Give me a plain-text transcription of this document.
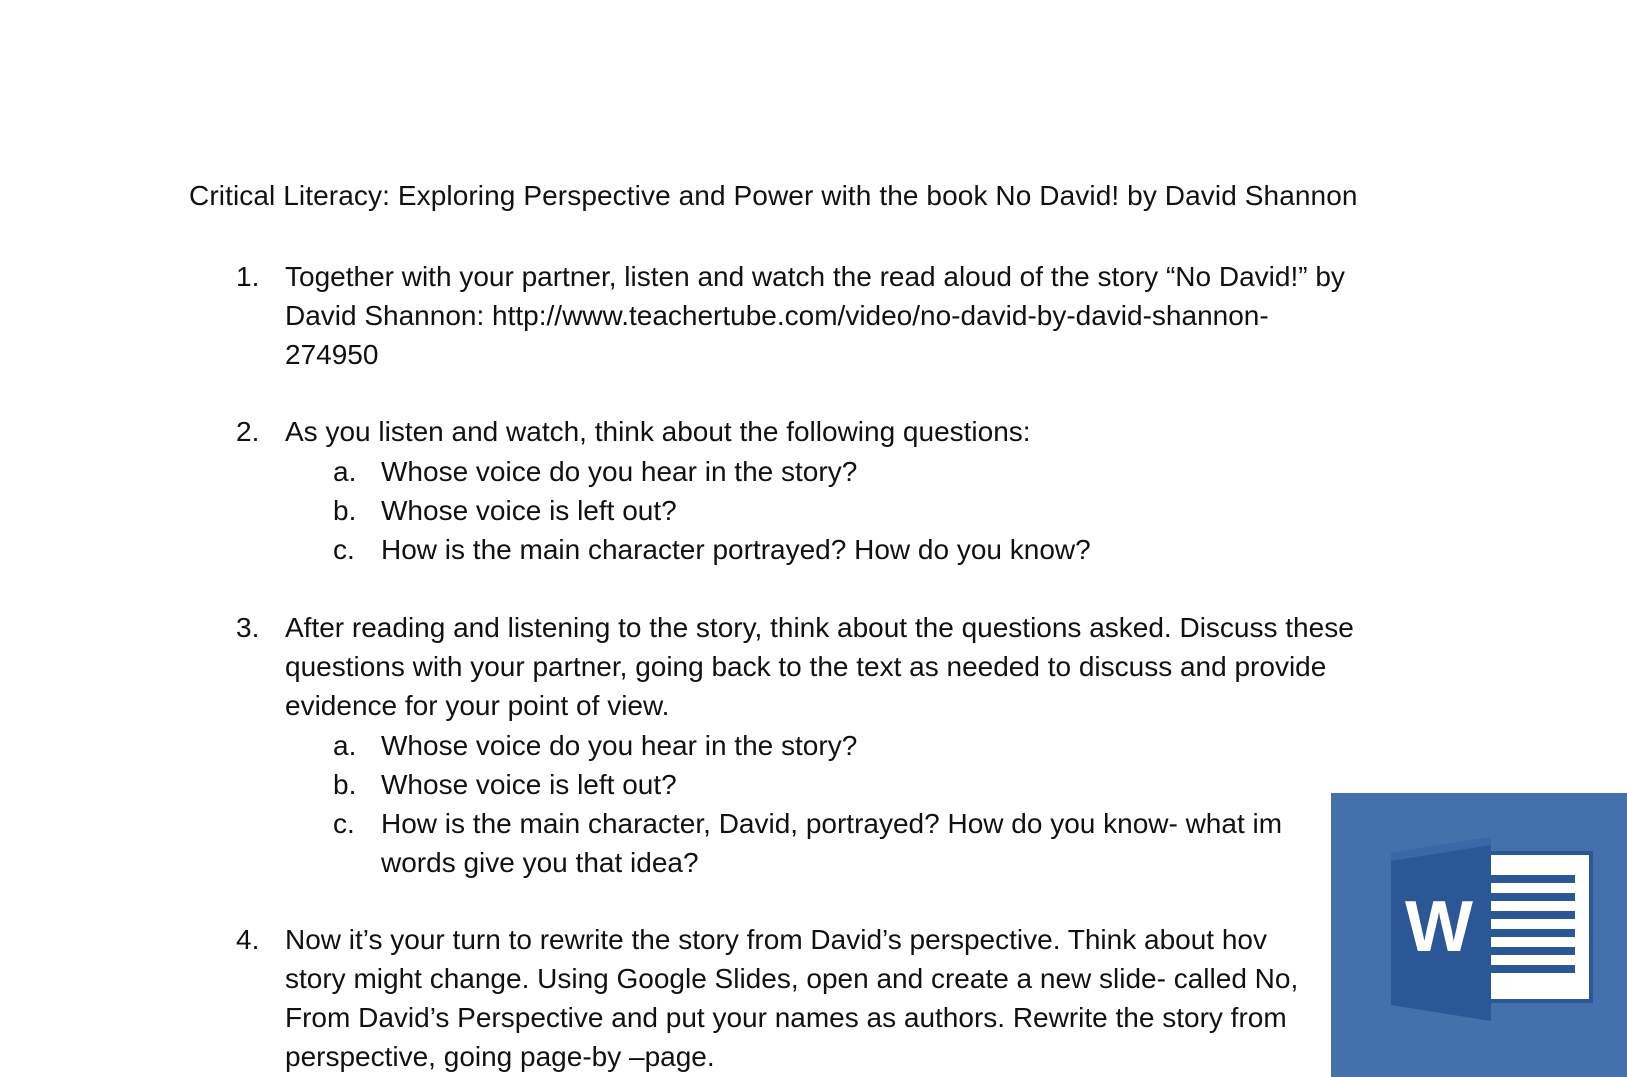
Critical Literacy: Exploring Perspective and Power with the book No David! by David Shannon
1. Together with your partner, listen and watch the read aloud of the story “No David!” by
David Shannon: http://www.teachertube.com/video/no-david-by-david-shannon-
274950
2. As you listen and watch, think about the following questions:
a. Whose voice do you hear in the story?
b. Whose voice is left out?
c. How is the main character portrayed? How do you know?
3. After reading and listening to the story, think about the questions asked. Discuss these
questions with your partner, going back to the text as needed to discuss and provide
evidence for your point of view.
a. Whose voice do you hear in the story?
b. Whose voice is left out?
c. How is the main character, David, portrayed? How do you know- what im
words give you that idea?
4. Now it’s your turn to rewrite the story from David’s perspective. Think about hov
story might change. Using Google Slides, open and create a new slide- called No,
From David’s Perspective and put your names as authors. Rewrite the story from
perspective, going page-by –page.
W
